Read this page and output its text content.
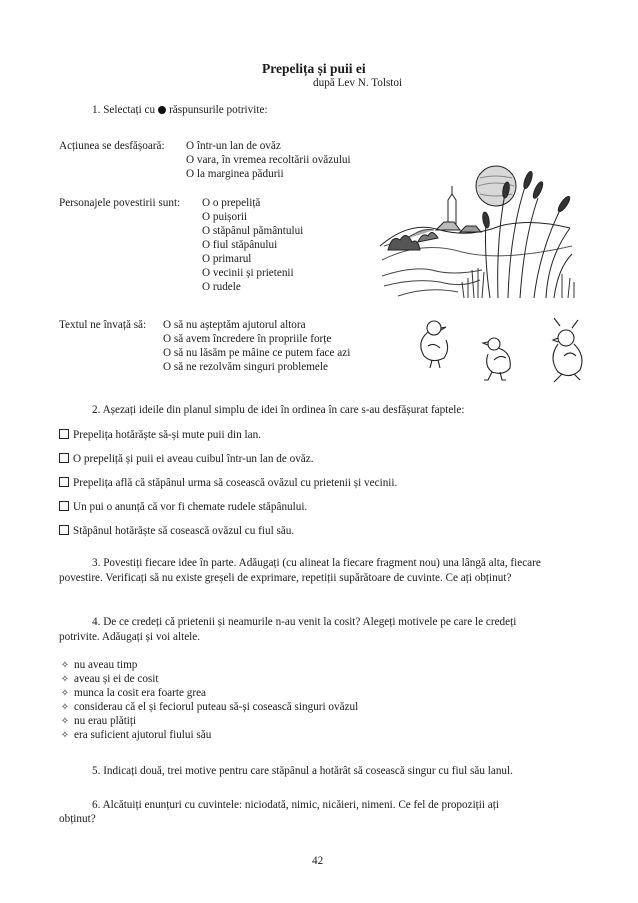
Prepelița și puii ei
după Lev N. Tolstoi
1. Selectați cu răspunsurile potrivite:
Acțiunea se desfășoară: O într-un lan de ovăz
O vara, în vremea recoltării ovăzului
O la marginea pădurii
Personajele povestirii sunt: O o prepeliță
O puișorii
O stăpânul pământului
O fiul stăpânului
O primarul
O vecinii și prietenii
O rudele
Textul ne învață să: O să nu așteptăm ajutorul altora
O să avem încredere în propriile forțe
O să nu lăsăm pe mâine ce putem face azi
O să ne rezolvăm singuri problemele
2. Așezați ideile din planul simplu de idei în ordinea în care s-au desfășurat faptele:
Prepelița hotărăște să-și mute puii din lan.
O prepeliță și puii ei aveau cuibul într-un lan de ovăz.
Prepelița află că stăpânul urma să cosească ovăzul cu prietenii și vecinii.
Un pui o anunță că vor fi chemate rudele stăpânului.
Stăpânul hotărăște să cosească ovăzul cu fiul său.
3. Povestiți fiecare idee în parte. Adăugați (cu alineat la fiecare fragment nou) una lângă alta, fiecare povestire. Verificați să nu existe greșeli de exprimare, repetiții supărătoare de cuvinte. Ce ați obținut?
4. De ce credeți că prietenii și neamurile n-au venit la cosit? Alegeți motivele pe care le credeți
potrivite. Adăugați și voi altele.
✧ nu aveau timp
✧ aveau și ei de cosit
✧ munca la cosit era foarte grea
✧ considerau că el și feciorul puteau să-și cosească singuri ovăzul
✧ nu erau plătiți
✧ era suficient ajutorul fiului său
5. Indicați două, trei motive pentru care stăpânul a hotărât să cosească singur cu fiul său lanul.
6. Alcătuiți enunțuri cu cuvintele: niciodată, nimic, nicăieri, nimeni. Ce fel de propoziții ați
obținut?
42
